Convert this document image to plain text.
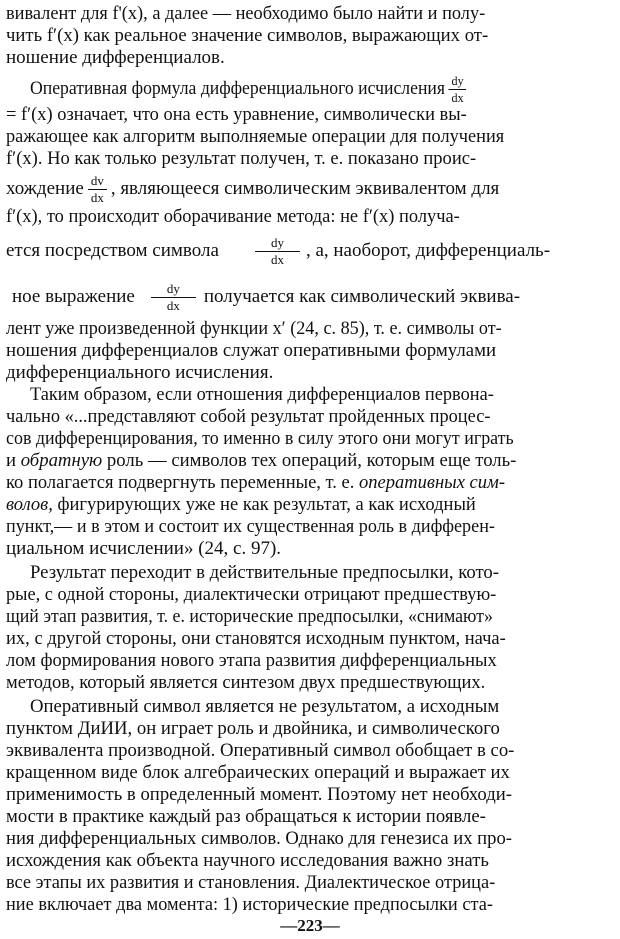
вивалент для f'(x), а далее — необходимо было найти и полу-
чить f′(x) как реальное значение символов, выражающих от-
ношение дифференциалов.
Оперативная формула дифференциального исчисления $\frac{dy}{dx}$
= f′(x) означает, что она есть уравнение, символически вы-
ражающее как алгоритм выполняемые операции для получения
f′(x). Но как только результат получен, т. е. показано проис-
хождение $\frac{dv}{dx}$ , являющееся символическим эквивалентом для
f′(x), то происходит оборачивание метода: не f′(x) получа-
ется посредством символа	$\frac{dy}{dx}$ , а, наоборот, дифференциаль-
ное выражение $\frac{dy}{dx}$ получается как символический эквива-
лент уже произведенной функции x′ (24, с. 85), т. е. символы от-
ношения дифференциалов служат оперативными формулами
дифференциального исчисления.
Таким образом, если отношения дифференциалов первона-
чально «...представляют собой результат пройденных процес-
сов дифференцирования, то именно в силу этого они могут играть
и обратную роль — символов тех операций, которым еще толь-
ко полагается подвергнуть переменные, т. е. оперативных сим-
волов, фигурирующих уже не как результат, а как исходный
пункт,— и в этом и состоит их существенная роль в дифферен-
циальном исчислении» (24, с. 97).
Результат переходит в действительные предпосылки, кото-
рые, с одной стороны, диалектически отрицают предшествую-
щий этап развития, т. е. исторические предпосылки, «снимают»
их, с другой стороны, они становятся исходным пунктом, нача-
лом формирования нового этапа развития дифференциальных
методов, который является синтезом двух предшествующих.
Оперативный символ является не результатом, а исходным
пунктом ДиИИ, он играет роль и двойника, и символического
эквивалента производной. Оперативный символ обобщает в со-
кращенном виде блок алгебраических операций и выражает их
применимость в определенный момент. Поэтому нет необходи-
мости в практике каждый раз обращаться к истории появле-
ния дифференциальных символов. Однако для генезиса их про-
исхождения как объекта научного исследования важно знать
все этапы их развития и становления. Диалектическое отрица-
ние включает два момента: 1) исторические предпосылки ста-
—223—
